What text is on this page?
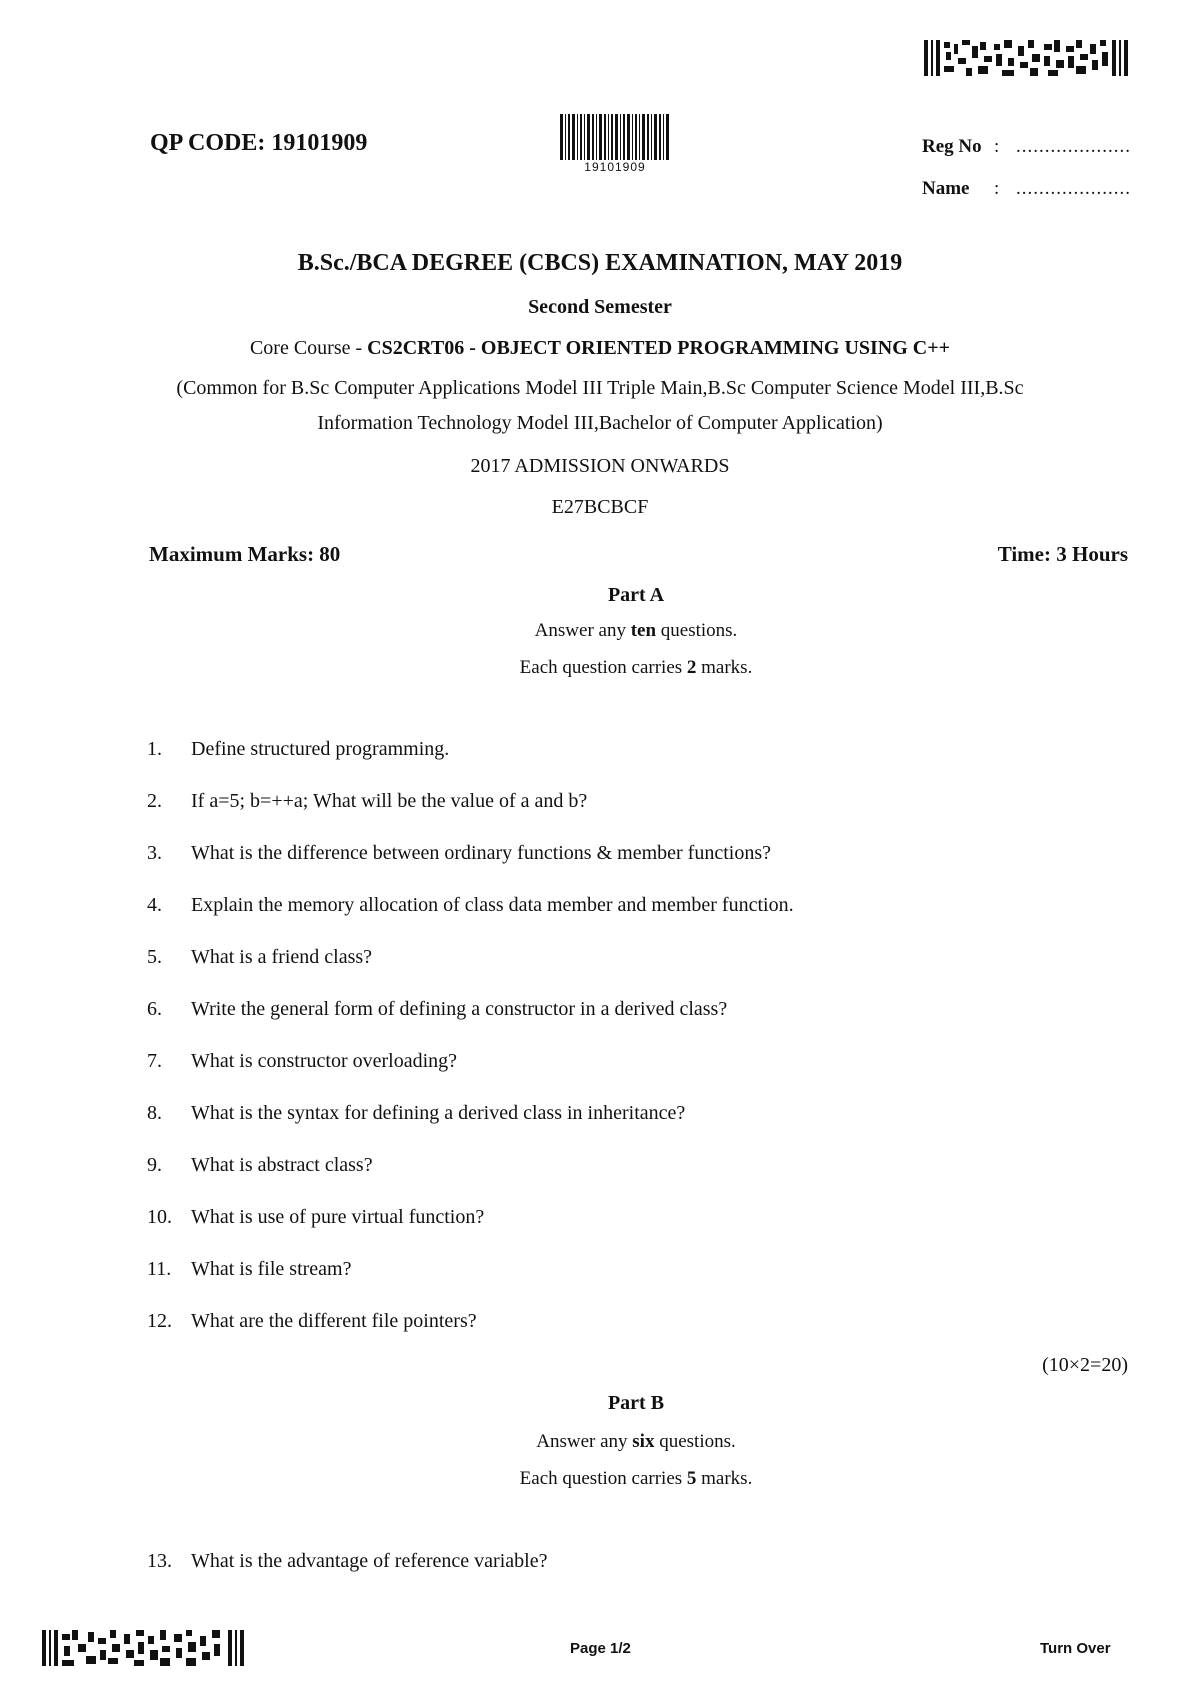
QP CODE: 19101909
19101909
Reg No : ....................
Name : ....................
B.Sc./BCA DEGREE (CBCS) EXAMINATION, MAY 2019
Second Semester
Core Course - CS2CRT06 - OBJECT ORIENTED PROGRAMMING USING C++
(Common for B.Sc Computer Applications Model III Triple Main,B.Sc Computer Science Model III,B.Sc
Information Technology Model III,Bachelor of Computer Application)
2017 ADMISSION ONWARDS
E27BCBCF
Maximum Marks: 80	Time: 3 Hours
Part A
Answer any ten questions.
Each question carries 2 marks.
1. Define structured programming.
2. If a=5; b=++a; What will be the value of a and b?
3. What is the difference between ordinary functions & member functions?
4. Explain the memory allocation of class data member and member function.
5. What is a friend class?
6. Write the general form of defining a constructor in a derived class?
7. What is constructor overloading?
8. What is the syntax for defining a derived class in inheritance?
9. What is abstract class?
10. What is use of pure virtual function?
11. What is file stream?
12. What are the different file pointers?
(10×2=20)
Part B
Answer any six questions.
Each question carries 5 marks.
13. What is the advantage of reference variable?
Page 1/2	Turn Over
